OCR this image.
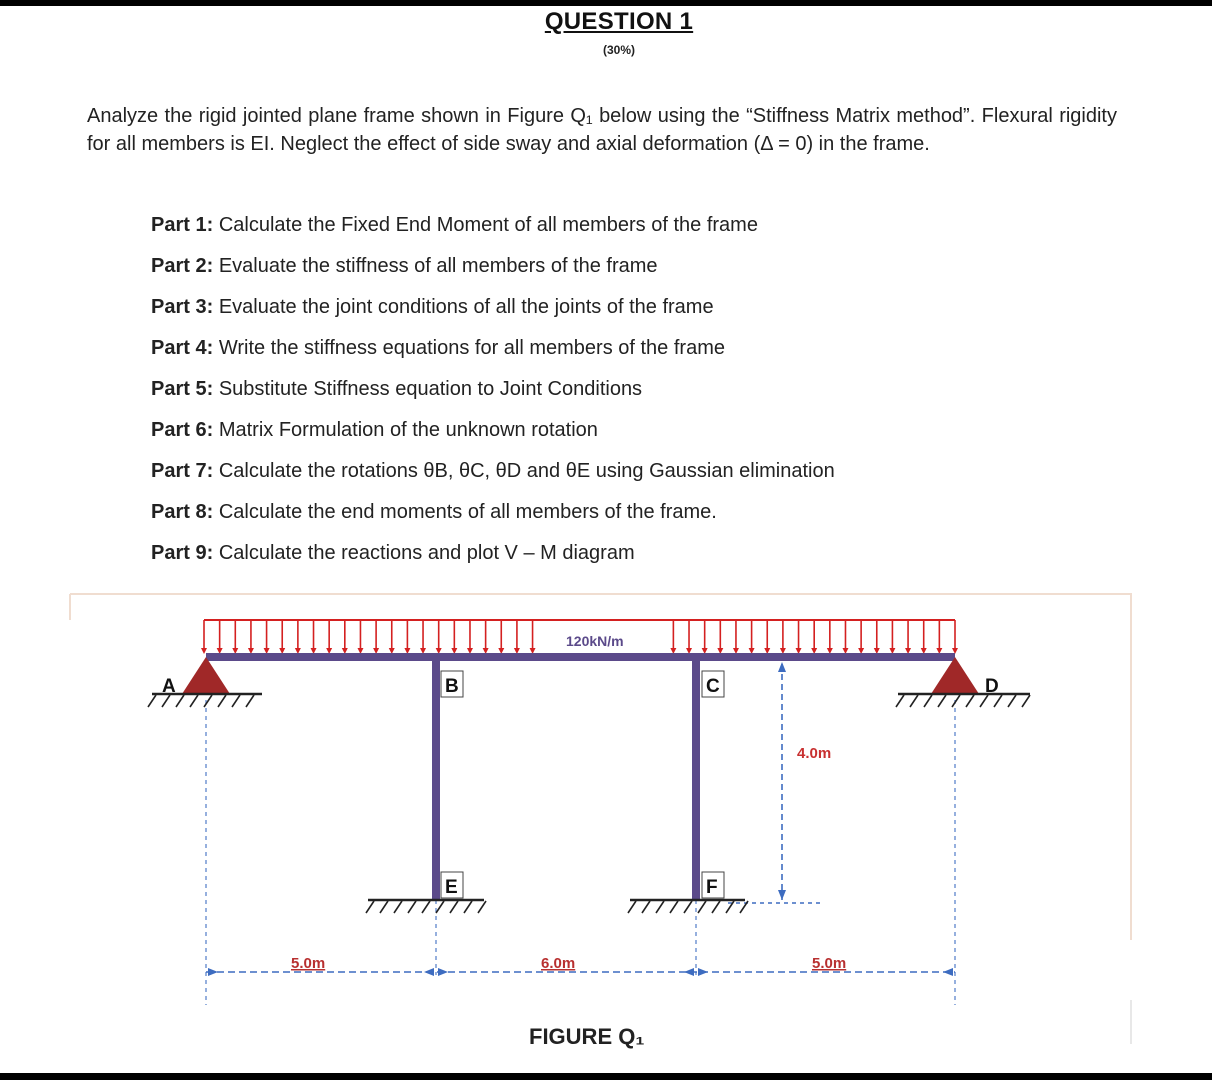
QUESTION 1
(30%)
Analyze the rigid jointed plane frame shown in Figure Q₁ below using the “Stiffness Matrix method”. Flexural rigidity for all members is EI. Neglect the effect of side sway and axial deformation (Δ = 0) in the frame.
Part 1: Calculate the Fixed End Moment of all members of the frame
Part 2: Evaluate the stiffness of all members of the frame
Part 3: Evaluate the joint conditions of all the joints of the frame
Part 4: Write the stiffness equations for all members of the frame
Part 5: Substitute Stiffness equation to Joint Conditions
Part 6: Matrix Formulation of the unknown rotation
Part 7: Calculate the rotations θB, θC, θD and θE using Gaussian elimination
Part 8: Calculate the end moments of all members of the frame.
Part 9: Calculate the reactions and plot V – M diagram
120kN/m
4.0m
5.0m	6.0m	5.0m
A	B	C	D
E	F
FIGURE Q₁
